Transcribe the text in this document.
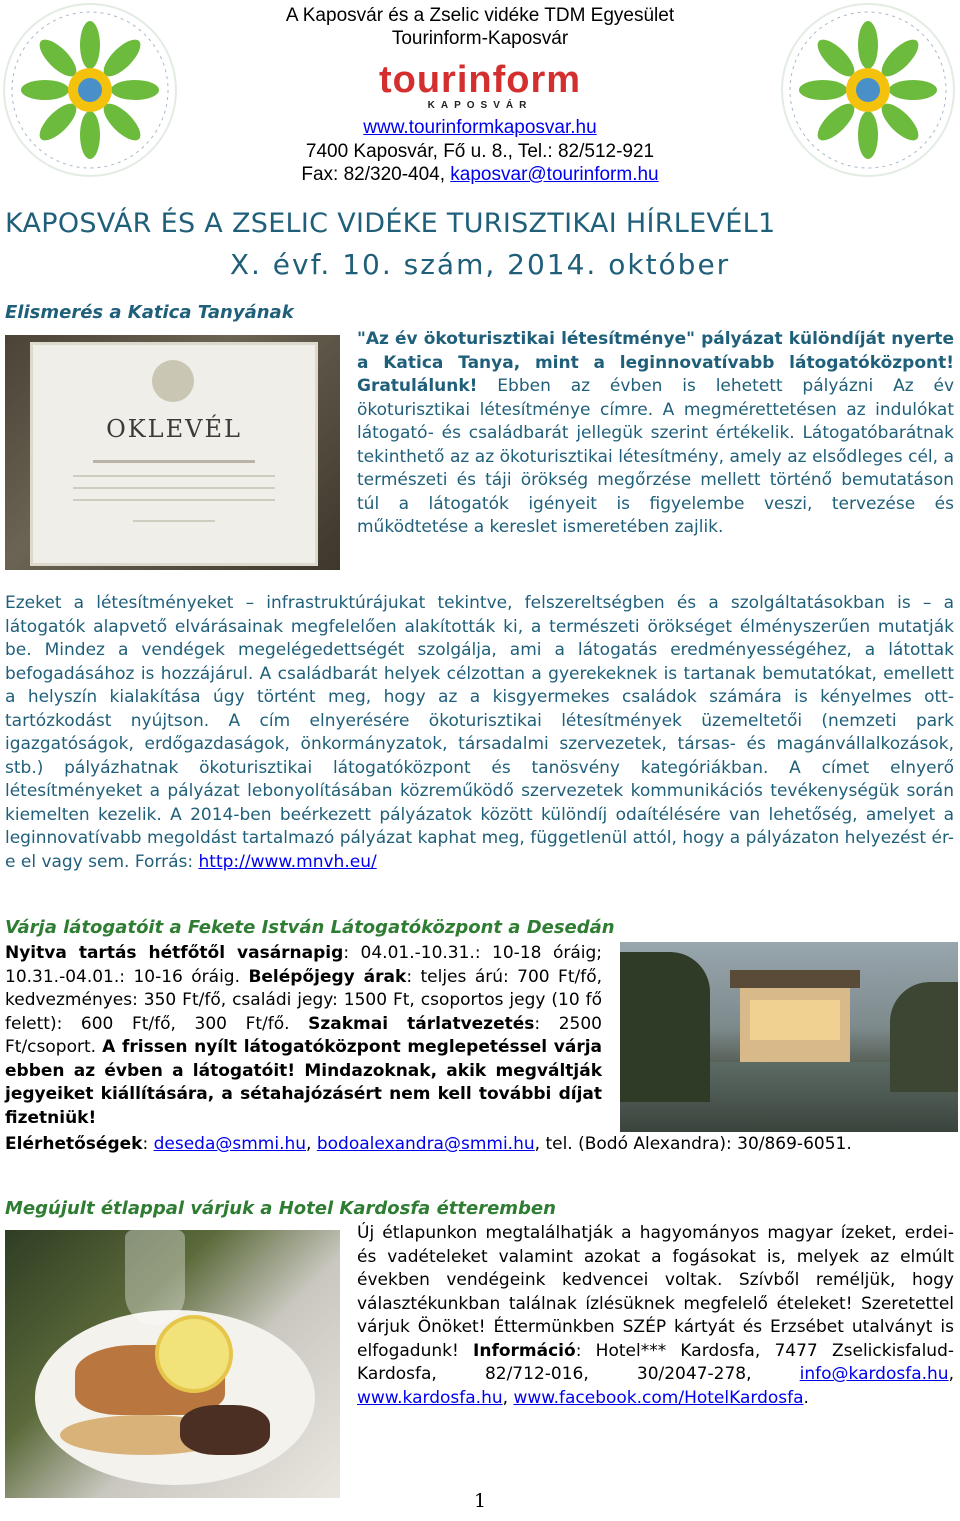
A Kaposvár és a Zselic vidéke TDM Egyesület
Tourinform-Kaposvár
tourinform
KAPOSVÁR
www.tourinformkaposvar.hu
7400 Kaposvár, Fő u. 8., Tel.: 82/512-921
Fax: 82/320-404, kaposvar@tourinform.hu
KAPOSVÁR ÉS A ZSELIC VIDÉKE TURISZTIKAI HÍRLEVÉL1
X. évf. 10. szám, 2014. október
Elismerés a Katica Tanyának
OKLEVÉL
"Az év ökoturisztikai létesítménye" pályázat különdíját nyerte a Katica Tanya, mint a leginnovatívabb látogatóközpont! Gratulálunk! Ebben az évben is lehetett pályázni Az év ökoturisztikai létesítménye címre. A megmérettetésen az indulókat látogató- és családbarát jellegük szerint értékelik. Látogatóbarátnak tekinthető az az ökoturisztikai létesítmény, amely az elsődleges cél, a természeti és táji örökség megőrzése mellett történő bemutatáson túl a látogatók igényeit is figyelembe veszi, tervezése és működtetése a kereslet ismeretében zajlik.
Ezeket a létesítményeket – infrastruktúrájukat tekintve, felszereltségben és a szolgáltatásokban is – a látogatók alapvető elvárásainak megfelelően alakították ki, a természeti örökséget élményszerűen mutatják be. Mindez a vendégek megelégedettségét szolgálja, ami a látogatás eredményességéhez, a látottak befogadásához is hozzájárul. A családbarát helyek célzottan a gyerekeknek is tartanak bemutatókat, emellett a helyszín kialakítása úgy történt meg, hogy az a kisgyermekes családok számára is kényelmes ott-tartózkodást nyújtson. A cím elnyerésére ökoturisztikai létesítmények üzemeltetői (nemzeti park igazgatóságok, erdőgazdaságok, önkormányzatok, társadalmi szervezetek, társas- és magánvállalkozások, stb.) pályázhatnak ökoturisztikai látogatóközpont és tanösvény kategóriákban. A címet elnyerő létesítményeket a pályázat lebonyolításában közreműködő szervezetek kommunikációs tevékenységük során kiemelten kezelik. A 2014-ben beérkezett pályázatok között különdíj odaítélésére van lehetőség, amelyet a leginnovatívabb megoldást tartalmazó pályázat kaphat meg, függetlenül attól, hogy a pályázaton helyezést ér-e el vagy sem. Forrás: http://www.mnvh.eu/
Várja látogatóit a Fekete István Látogatóközpont a Desedán
Nyitva tartás hétfőtől vasárnapig: 04.01.-10.31.: 10-18 óráig; 10.31.-04.01.: 10-16 óráig. Belépőjegy árak: teljes árú: 700 Ft/fő, kedvezményes: 350 Ft/fő, családi jegy: 1500 Ft, csoportos jegy (10 fő felett): 600 Ft/fő, 300 Ft/fő. Szakmai tárlatvezetés: 2500 Ft/csoport. A frissen nyílt látogatóközpont meglepetéssel várja ebben az évben a látogatóit! Mindazoknak, akik megváltják jegyeiket kiállítására, a sétahajózásért nem kell további díjat fizetniük!
Elérhetőségek: deseda@smmi.hu, bodoalexandra@smmi.hu, tel. (Bodó Alexandra): 30/869-6051.
Megújult étlappal várjuk a Hotel Kardosfa étteremben
Új étlapunkon megtalálhatják a hagyományos magyar ízeket, erdei- és vadételeket valamint azokat a fogásokat is, melyek az elmúlt években vendégeink kedvencei voltak. Szívből reméljük, hogy választékunkban találnak ízlésüknek megfelelő ételeket! Szeretettel várjuk Önöket! Éttermünkben SZÉP kártyát és Erzsébet utalványt is elfogadunk! Információ: Hotel*** Kardosfa, 7477 Zselickisfalud-Kardosfa, 82/712-016, 30/2047-278, info@kardosfa.hu, www.kardosfa.hu, www.facebook.com/HotelKardosfa.
1
